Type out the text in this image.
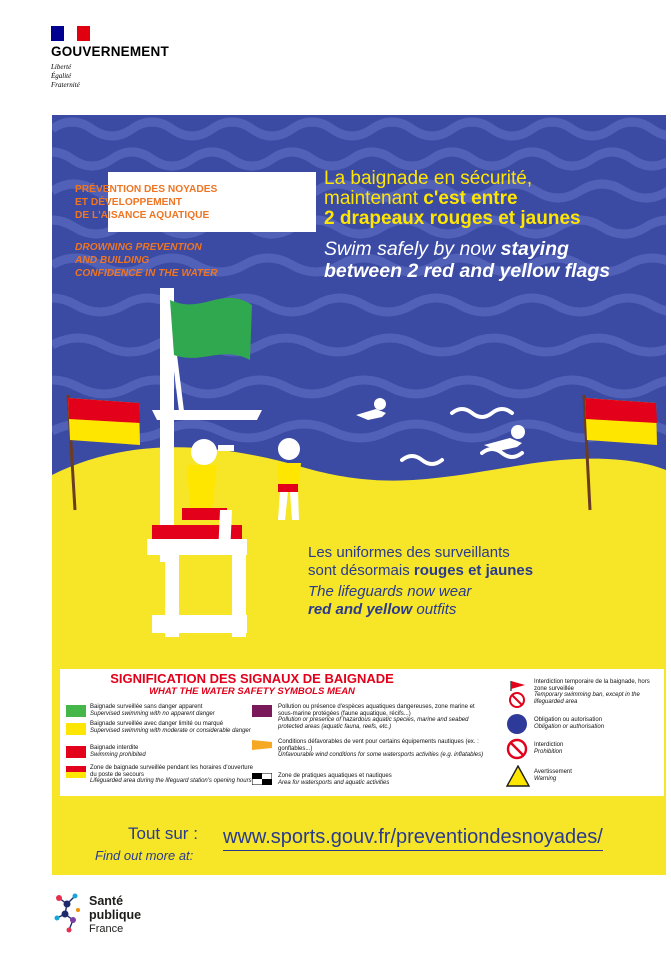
GOUVERNEMENT
Liberté
Égalité
Fraternité
PRÉVENTION DES NOYADES
ET DÉVELOPPEMENT
DE L'AISANCE AQUATIQUE
DROWNING PREVENTION
AND BUILDING
CONFIDENCE IN THE WATER
La baignade en sécurité,
maintenant c'est entre
2 drapeaux rouges et jaunes
Swim safely by now staying
between 2 red and yellow flags
Les uniformes des surveillants
sont désormais rouges et jaunes
The lifeguards now wear
red and yellow outfits
SIGNIFICATION DES SIGNAUX DE BAIGNADE
WHAT THE WATER SAFETY SYMBOLS MEAN
Baignade surveillée sans danger apparent
Supervised swimming with no apparent danger
Baignade surveillée avec danger limité ou marqué
Supervised swimming with moderate or considerable danger
Baignade interdite
Swimming prohibited
Zone de baignade surveillée pendant les horaires d'ouverture du poste de secours
Lifeguarded area during the lifeguard station's opening hours
Pollution ou présence d'espèces aquatiques dangereuses, zone marine et sous-marine protégées (faune aquatique, récifs...)
Pollution or presence of hazardous aquatic species, marine and seabed protected areas (aquatic fauna, reefs, etc.)
Conditions défavorables de vent pour certains équipements nautiques (ex. : gonflables...)
Unfavourable wind conditions for some watersports activities (e.g. inflatables)
Zone de pratiques aquatiques et nautiques
Area for watersports and aquatic activities
Interdiction temporaire de la baignade, hors zone surveillée
Temporary swimming ban, except in the lifeguarded area
Obligation ou autorisation
Obligation or authorisation
Interdiction
Prohibition
Avertissement
Warning
Tout sur :
Find out more at:
www.sports.gouv.fr/preventiondesnoyades/
Santé
publique
France
